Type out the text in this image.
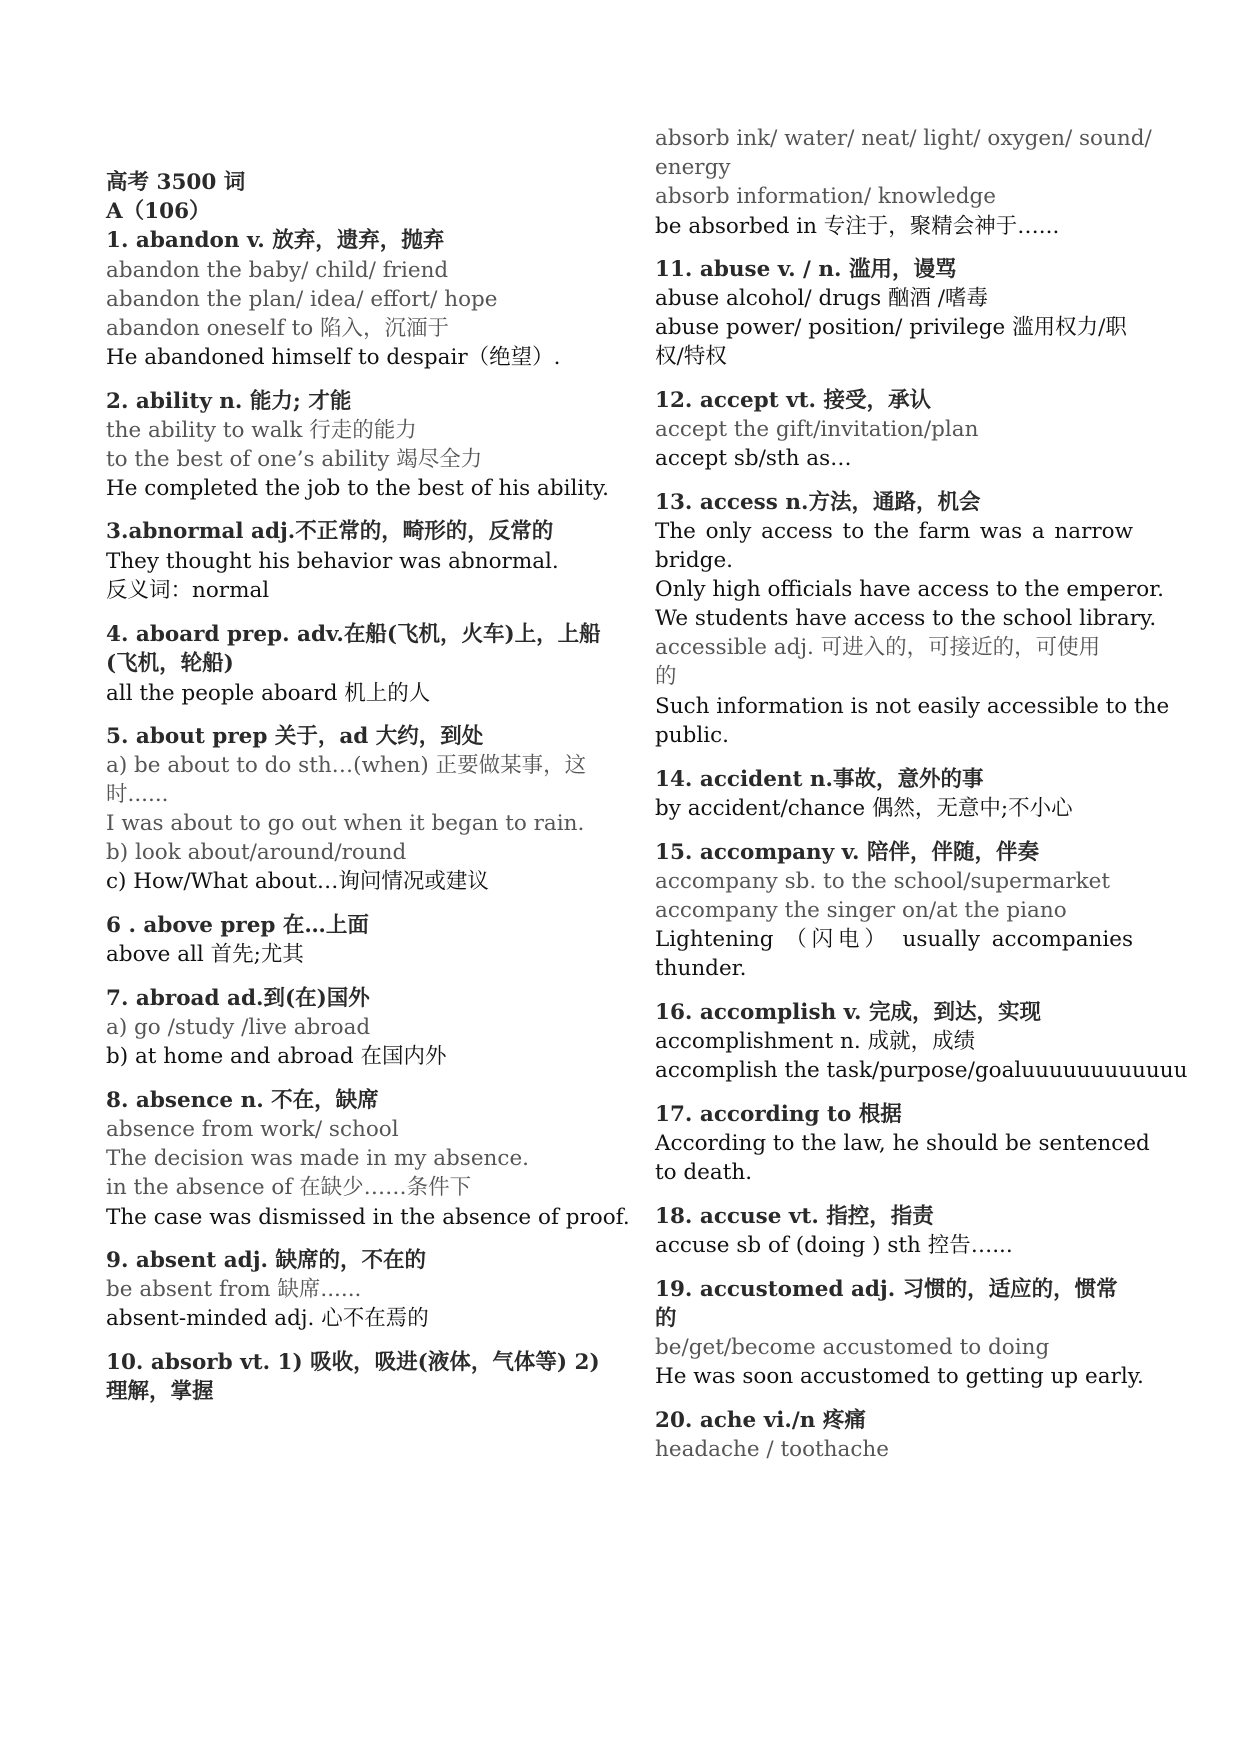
高考 3500 词
A（106）
1. abandon v. 放弃，遗弃，抛弃
abandon the baby/ child/ friend
abandon the plan/ idea/ effort/ hope
abandon oneself to 陷入，沉湎于
He abandoned himself to despair（绝望）.
2. ability n. 能力; 才能
the ability to walk 行走的能力
to the best of one’s ability 竭尽全力
He completed the job to the best of his ability.
3.abnormal adj.不正常的，畸形的，反常的
They thought his behavior was abnormal.
反义词：normal
4. aboard prep. adv.在船(飞机，火车)上，上船
(飞机，轮船)
all the people aboard 机上的人
5. about prep 关于，ad 大约，到处
a) be about to do sth…(when) 正要做某事，这
时......
I was about to go out when it began to rain.
b) look about/around/round
c) How/What about…询问情况或建议
6 . above prep 在…上面
above all 首先;尤其
7. abroad ad.到(在)国外
a) go /study /live abroad
b) at home and abroad 在国内外
8. absence n. 不在，缺席
absence from work/ school
The decision was made in my absence.
in the absence of 在缺少……条件下
The case was dismissed in the absence of proof.
9. absent adj. 缺席的，不在的
be absent from 缺席......
absent-minded adj. 心不在焉的
10. absorb vt. 1) 吸收，吸进(液体，气体等) 2)
理解，掌握
absorb ink/ water/ neat/ light/ oxygen/ sound/
energy
absorb information/ knowledge
be absorbed in 专注于，聚精会神于…...
11. abuse v. / n. 滥用，谩骂
abuse alcohol/ drugs 酗酒 /嗜毒
abuse power/ position/ privilege 滥用权力/职
权/特权
12. accept vt. 接受，承认
accept the gift/invitation/plan
accept sb/sth as…
13. access n.方法，通路，机会
The only access to the farm was a narrow
bridge.
Only high officials have access to the emperor.
We students have access to the school library.
accessible adj. 可进入的，可接近的，可使用
的
Such information is not easily accessible to the
public.
14. accident n.事故，意外的事
by accident/chance 偶然，无意中;不小心
15. accompany v. 陪伴，伴随，伴奏
accompany sb. to the school/supermarket
accompany the singer on/at the piano
Lightening （闪电） usually accompanies
thunder.
16. accomplish v. 完成，到达，实现
accomplishment n. 成就，成绩
accomplish the task/purpose/goaluuuuuuuuuuuu
17. according to 根据
According to the law, he should be sentenced
to death.
18. accuse vt. 指控，指责
accuse sb of (doing ) sth 控告…...
19. accustomed adj. 习惯的，适应的，惯常
的
be/get/become accustomed to doing
He was soon accustomed to getting up early.
20. ache vi./n 疼痛
headache / toothache
